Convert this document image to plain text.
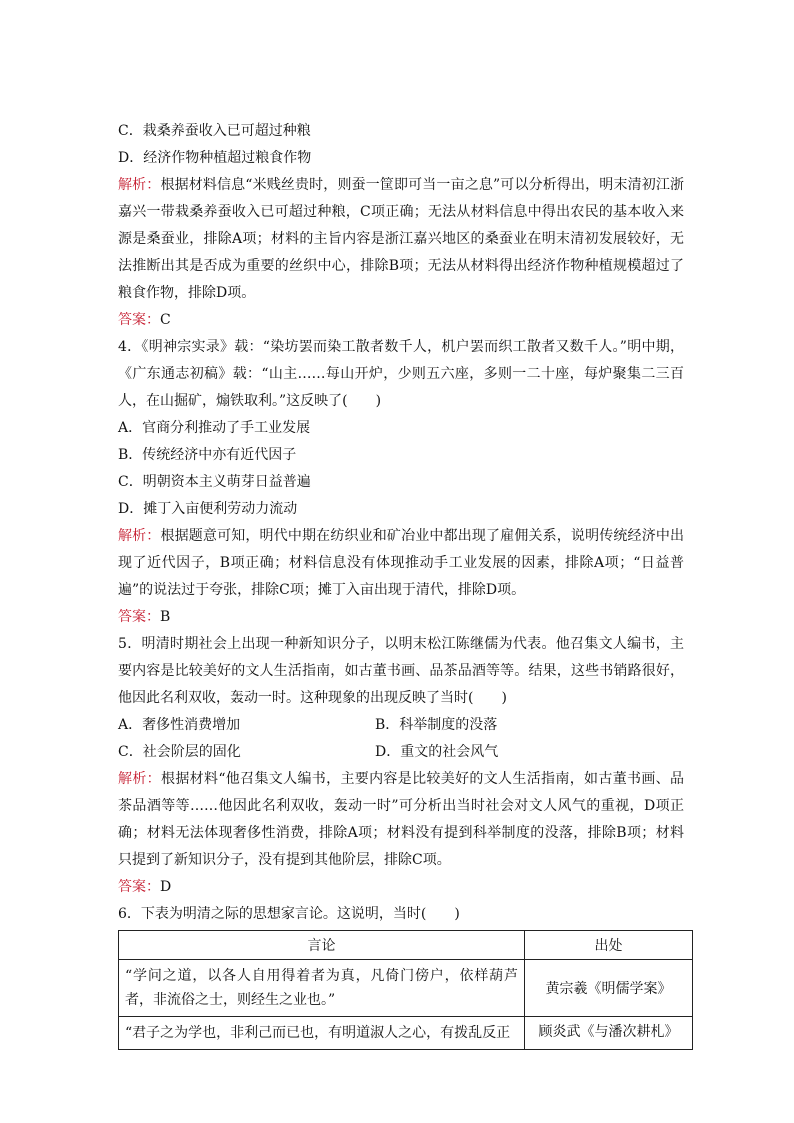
C．栽桑养蚕收入已可超过种粮
D．经济作物种植超过粮食作物
解析：根据材料信息“米贱丝贵时，则蚕一筐即可当一亩之息”可以分析得出，明末清初江浙嘉兴一带栽桑养蚕收入已可超过种粮，C项正确；无法从材料信息中得出农民的基本收入来源是桑蚕业，排除A项；材料的主旨内容是浙江嘉兴地区的桑蚕业在明末清初发展较好，无法推断出其是否成为重要的丝织中心，排除B项；无法从材料得出经济作物种植规模超过了粮食作物，排除D项。
答案：C
4．《明神宗实录》载：“染坊罢而染工散者数千人，机户罢而织工散者又数千人。”明中期，《广东通志初稿》载：“山主……每山开炉，少则五六座，多则一二十座，每炉聚集二三百人，在山掘矿，煽铁取利。”这反映了(　　)
A．官商分利推动了手工业发展
B．传统经济中亦有近代因子
C．明朝资本主义萌芽日益普遍
D．摊丁入亩便利劳动力流动
解析：根据题意可知，明代中期在纺织业和矿冶业中都出现了雇佣关系，说明传统经济中出现了近代因子，B项正确；材料信息没有体现推动手工业发展的因素，排除A项；“日益普遍”的说法过于夸张，排除C项；摊丁入亩出现于清代，排除D项。
答案：B
5．明清时期社会上出现一种新知识分子，以明末松江陈继儒为代表。他召集文人编书，主要内容是比较美好的文人生活指南，如古董书画、品茶品酒等等。结果，这些书销路很好，他因此名利双收，轰动一时。这种现象的出现反映了当时(　　)
A．奢侈性消费增加	B．科举制度的没落
C．社会阶层的固化	D．重文的社会风气
解析：根据材料“他召集文人编书，主要内容是比较美好的文人生活指南，如古董书画、品茶品酒等等……他因此名利双收，轰动一时”可分析出当时社会对文人风气的重视，D项正确；材料无法体现奢侈性消费，排除A项；材料没有提到科举制度的没落，排除B项；材料只提到了新知识分子，没有提到其他阶层，排除C项。
答案：D
6．下表为明清之际的思想家言论。这说明，当时(　　)
言论	出处
“学问之道，以各人自用得着者为真，凡倚门傍户，依样葫芦者，非流俗之士，则经生之业也。”	黄宗羲《明儒学案》
“君子之为学也，非利己而已也，有明道淑人之心，有拨乱反正	顾炎武《与潘次耕札》
